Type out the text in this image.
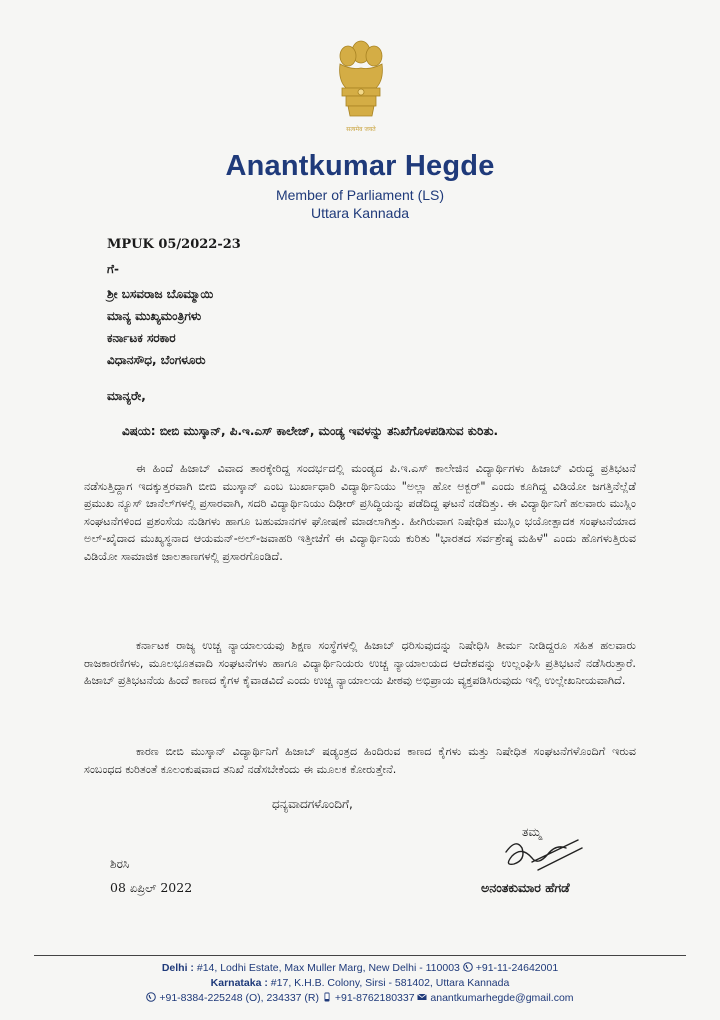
सत्यमेव जयते
Anantkumar Hegde
Member of Parliament (LS)
Uttara Kannada
MPUK 05/2022-23
ಗೆ-
ಶ್ರೀ ಬಸವರಾಜ ಬೊಮ್ಮಾಯಿ
ಮಾನ್ಯ ಮುಖ್ಯಮಂತ್ರಿಗಳು
ಕರ್ನಾಟಕ ಸರಕಾರ
ವಿಧಾನಸೌಧ, ಬೆಂಗಳೂರು
ಮಾನ್ಯರೇ,
ವಿಷಯ: ಬೀಬಿ ಮುಸ್ಕಾನ್, ಪಿ.ಇ.ಎಸ್ ಕಾಲೇಜ್, ಮಂಡ್ಯ ಇವಳನ್ನು ತನಿಖೆಗೊಳಪಡಿಸುವ ಕುರಿತು.
ಈ ಹಿಂದೆ ಹಿಜಾಬ್ ವಿವಾದ ತಾರಕ್ಕೇರಿದ್ದ ಸಂದರ್ಭದಲ್ಲಿ ಮಂಡ್ಯದ ಪಿ.ಇ.ಎಸ್ ಕಾಲೇಜಿನ ವಿದ್ಯಾರ್ಥಿಗಳು ಹಿಜಾಬ್ ವಿರುದ್ಧ ಪ್ರತಿಭಟನೆ ನಡೆಸುತ್ತಿದ್ದಾಗ ಇದಕ್ಕುತ್ತರವಾಗಿ ಬೀಬಿ ಮುಸ್ಕಾನ್ ಎಂಬ ಬುರ್ಖಾಧಾರಿ ವಿದ್ಯಾರ್ಥಿನಿಯು "ಅಲ್ಲಾ ಹೋ ಅಕ್ಬರ್" ಎಂದು ಕೂಗಿದ್ದ ವಿಡಿಯೋ ಜಗತ್ತಿನೆಲ್ಲೆಡೆ ಪ್ರಮುಖ ನ್ಯೂಸ್ ಚಾನೆಲ್‌ಗಳಲ್ಲಿ ಪ್ರಸಾರವಾಗಿ, ಸದರಿ ವಿದ್ಯಾರ್ಥಿನಿಯು ದಿಢೀರ್ ಪ್ರಸಿದ್ಧಿಯನ್ನು ಪಡೆದಿದ್ದ ಘಟನೆ ನಡೆದಿತ್ತು. ಈ ವಿದ್ಯಾರ್ಥಿನಿಗೆ ಹಲವಾರು ಮುಸ್ಲಿಂ ಸಂಘಟನೆಗಳಿಂದ ಪ್ರಶಂಸೆಯ ನುಡಿಗಳು ಹಾಗೂ ಬಹುಮಾನಗಳ ಘೋಷಣೆ ಮಾಡಲಾಗಿತ್ತು. ಹೀಗಿರುವಾಗ ನಿಷೇಧಿತ ಮುಸ್ಲಿಂ ಭಯೋತ್ಪಾದಕ ಸಂಘಟನೆಯಾದ ಅಲ್-ಖೈದಾದ ಮುಖ್ಯಸ್ಥನಾದ ಆಯಮನ್-ಅಲ್-ಜವಾಹರಿ ಇತ್ತೀಚೆಗೆ ಈ ವಿದ್ಯಾರ್ಥಿನಿಯ ಕುರಿತು "ಭಾರತದ ಸರ್ವಶ್ರೇಷ್ಠ ಮಹಿಳೆ" ಎಂದು ಹೊಗಳುತ್ತಿರುವ ವಿಡಿಯೋ ಸಾಮಾಜಿಕ ಜಾಲತಾಣಗಳಲ್ಲಿ ಪ್ರಸಾರಗೊಂಡಿದೆ.
ಕರ್ನಾಟಕ ರಾಜ್ಯ ಉಚ್ಚ ನ್ಯಾಯಾಲಯವು ಶಿಕ್ಷಣ ಸಂಸ್ಥೆಗಳಲ್ಲಿ ಹಿಜಾಬ್ ಧರಿಸುವುದನ್ನು ನಿಷೇಧಿಸಿ ತೀರ್ಮ ನೀಡಿದ್ದರೂ ಸಹಿತ ಹಲವಾರು ರಾಜಕಾರಣಿಗಳು, ಮೂಲಭೂತವಾದಿ ಸಂಘಟನೆಗಳು ಹಾಗೂ ವಿದ್ಯಾರ್ಥಿನಿಯರು ಉಚ್ಚ ನ್ಯಾಯಾಲಯದ ಆದೇಶವನ್ನು ಉಲ್ಲಂಘಿಸಿ ಪ್ರತಿಭಟನೆ ನಡೆಸಿರುತ್ತಾರೆ. ಹಿಜಾಬ್ ಪ್ರತಿಭಟನೆಯ ಹಿಂದೆ ಕಾಣದ ಕೈಗಳ ಕೈವಾಡವಿದೆ ಎಂದು ಉಚ್ಚ ನ್ಯಾಯಾಲಯ ಪೀಠವು ಅಭಿಪ್ರಾಯ ವ್ಯಕ್ತಪಡಿಸಿರುವುದು ಇಲ್ಲಿ ಉಲ್ಲೇಖನೀಯವಾಗಿದೆ.
ಕಾರಣ ಬೀಬಿ ಮುಸ್ಕಾನ್ ವಿದ್ಯಾರ್ಥಿನಿಗೆ ಹಿಜಾಬ್ ಷಡ್ಯಂತ್ರದ ಹಿಂದಿರುವ ಕಾಣದ ಕೈಗಳು ಮತ್ತು ನಿಷೇಧಿತ ಸಂಘಟನೆಗಳೊಂದಿಗೆ ಇರುವ ಸಂಬಂಧದ ಕುರಿತಂತೆ ಕೂಲಂಕುಷವಾದ ತನಿಖೆ ನಡೆಸಬೇಕೆಂದು ಈ ಮೂಲಕ ಕೋರುತ್ತೇನೆ.
ಧನ್ಯವಾದಗಳೊಂದಿಗೆ,
ಶಿರಸಿ
08 ಏಪ್ರಿಲ್ 2022
ತಮ್ಮ
ಅನಂತಕುಮಾರ ಹೆಗಡೆ
Delhi : #14, Lodhi Estate, Max Muller Marg, New Delhi - 110003 +91-11-24642001
Karnataka : #17, K.H.B. Colony, Sirsi - 581402, Uttara Kannada
+91-8384-225248 (O), 234337 (R) +91-8762180337 anantkumarhegde@gmail.com
